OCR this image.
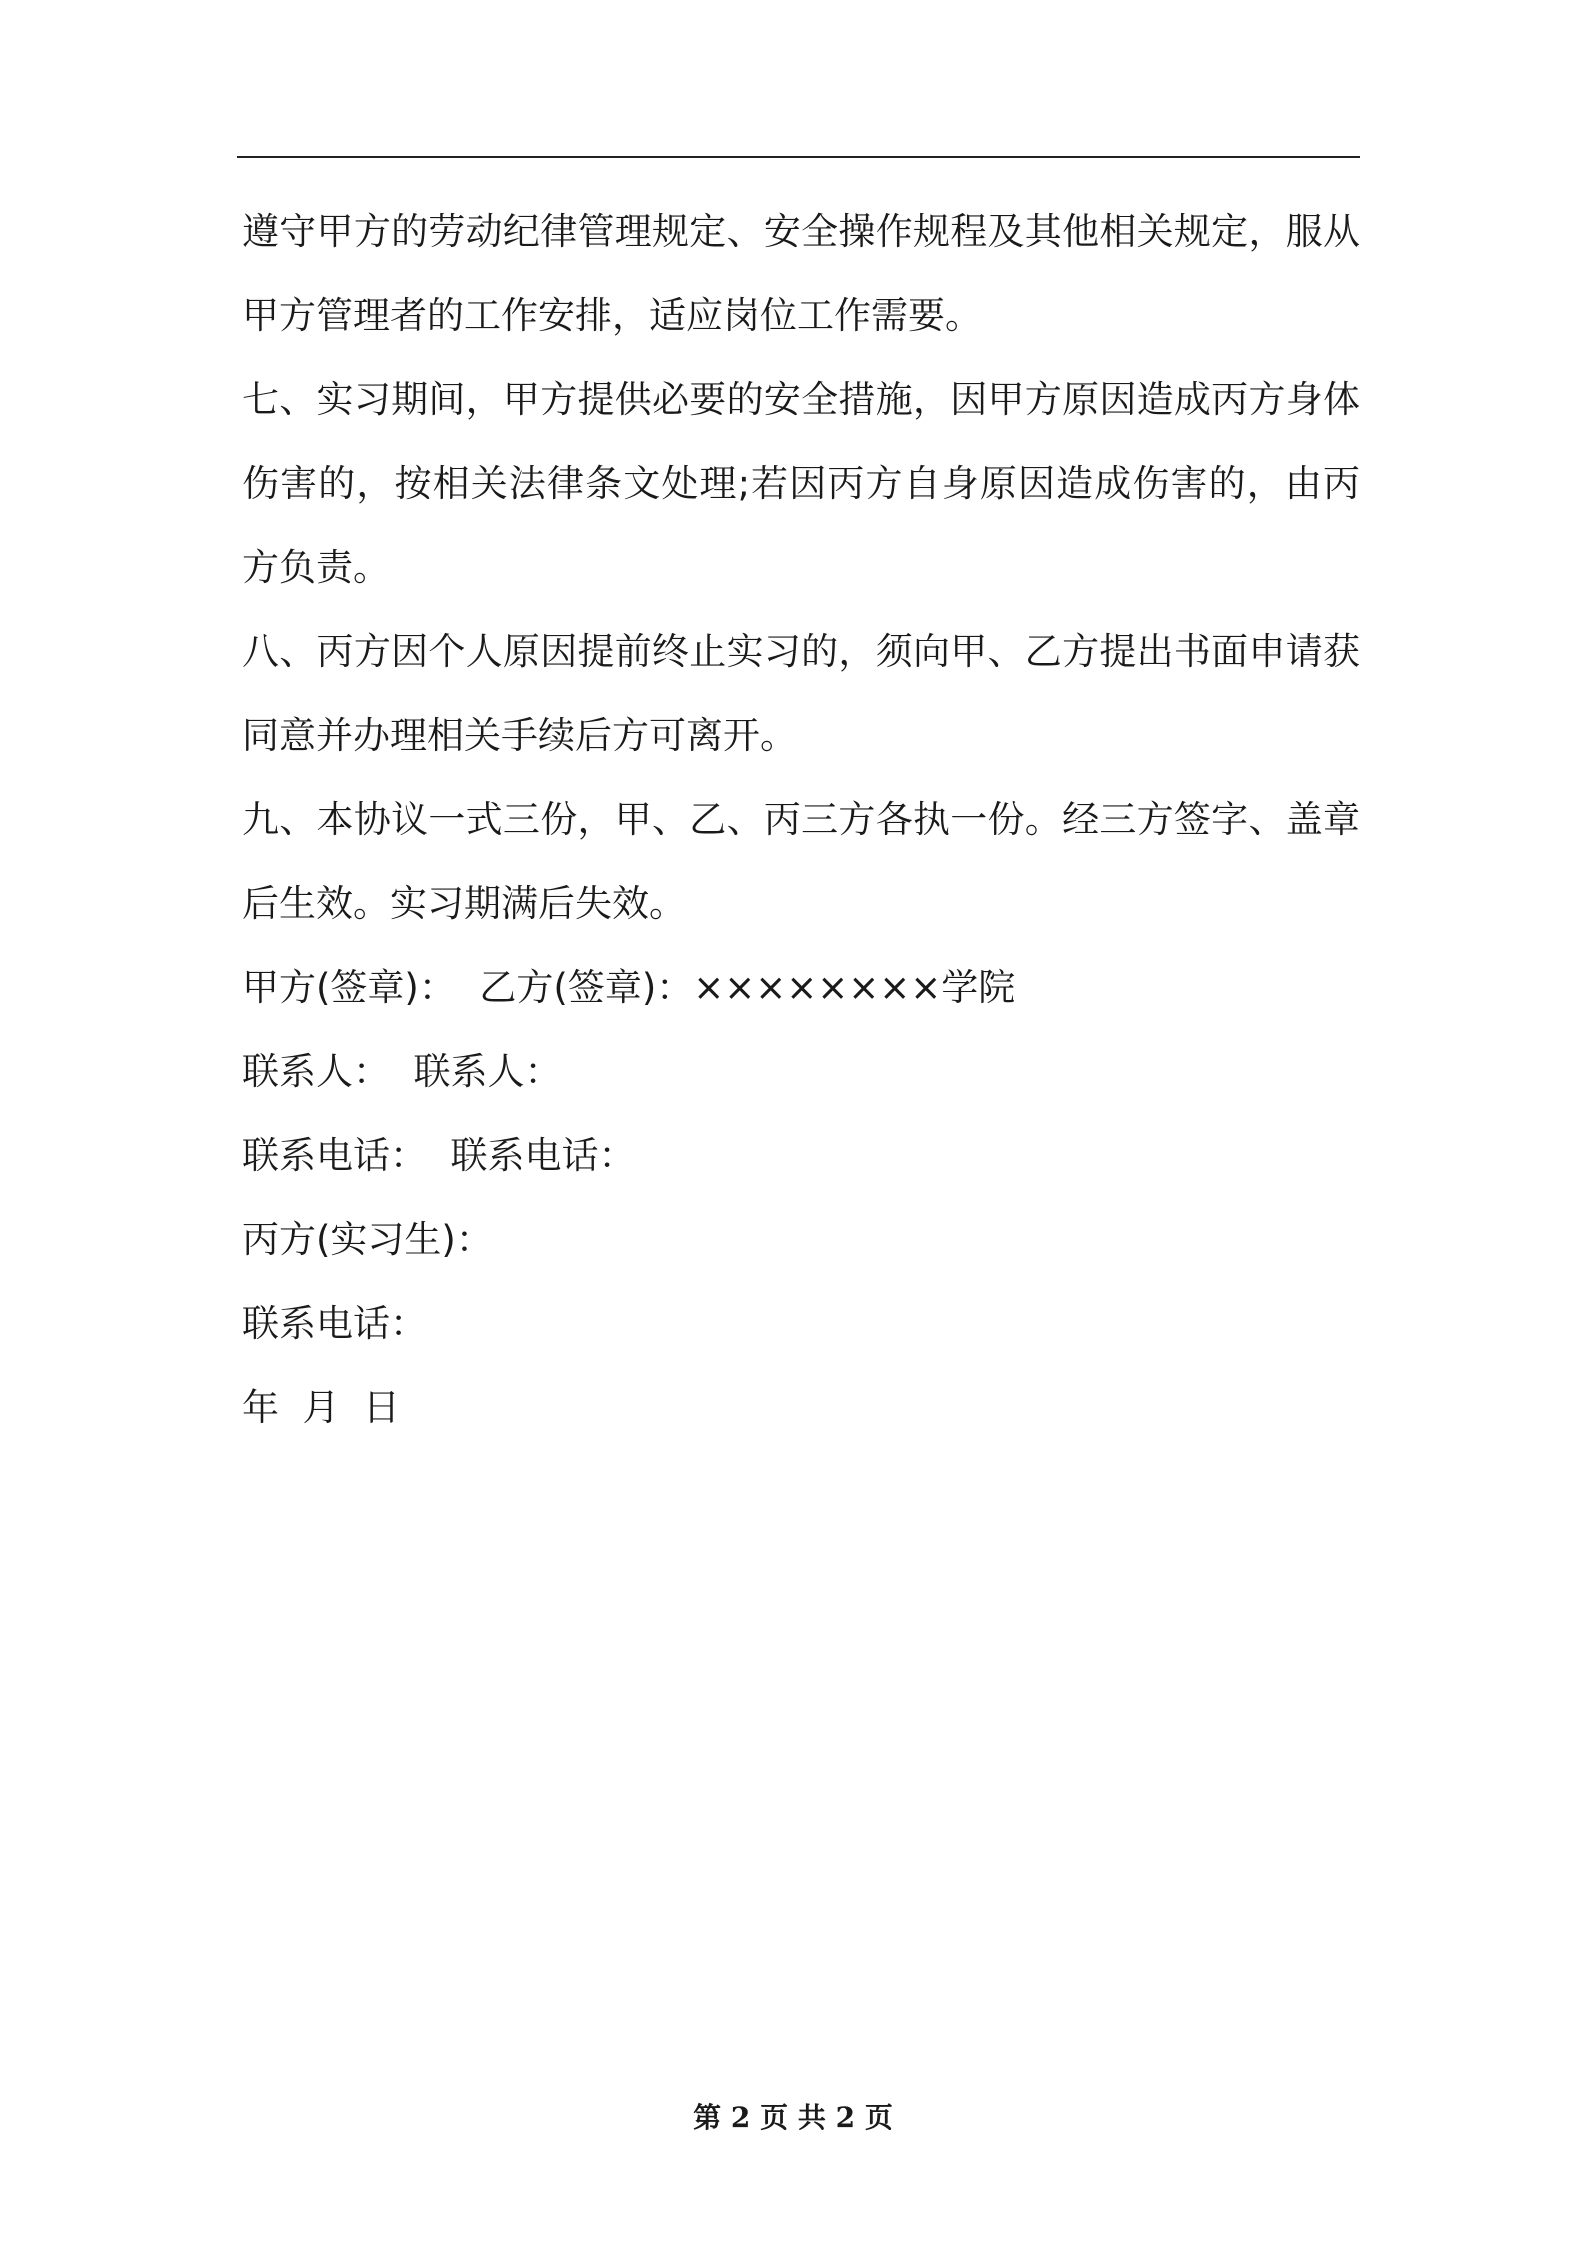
遵守甲方的劳动纪律管理规定、安全操作规程及其他相关规定，服从甲方管理者的工作安排，适应岗位工作需要。

七、实习期间，甲方提供必要的安全措施，因甲方原因造成丙方身体伤害的，按相关法律条文处理;若因丙方自身原因造成伤害的，由丙方负责。

八、丙方因个人原因提前终止实习的，须向甲、乙方提出书面申请获同意并办理相关手续后方可离开。

九、本协议一式三份，甲、乙、丙三方各执一份。经三方签字、盖章后生效。实习期满后失效。

甲方(签章)：  乙方(签章)：××××××××学院

联系人：  联系人：

联系电话：  联系电话：

丙方(实习生)：

联系电话：

年  月  日

第 2 页 共 2 页
